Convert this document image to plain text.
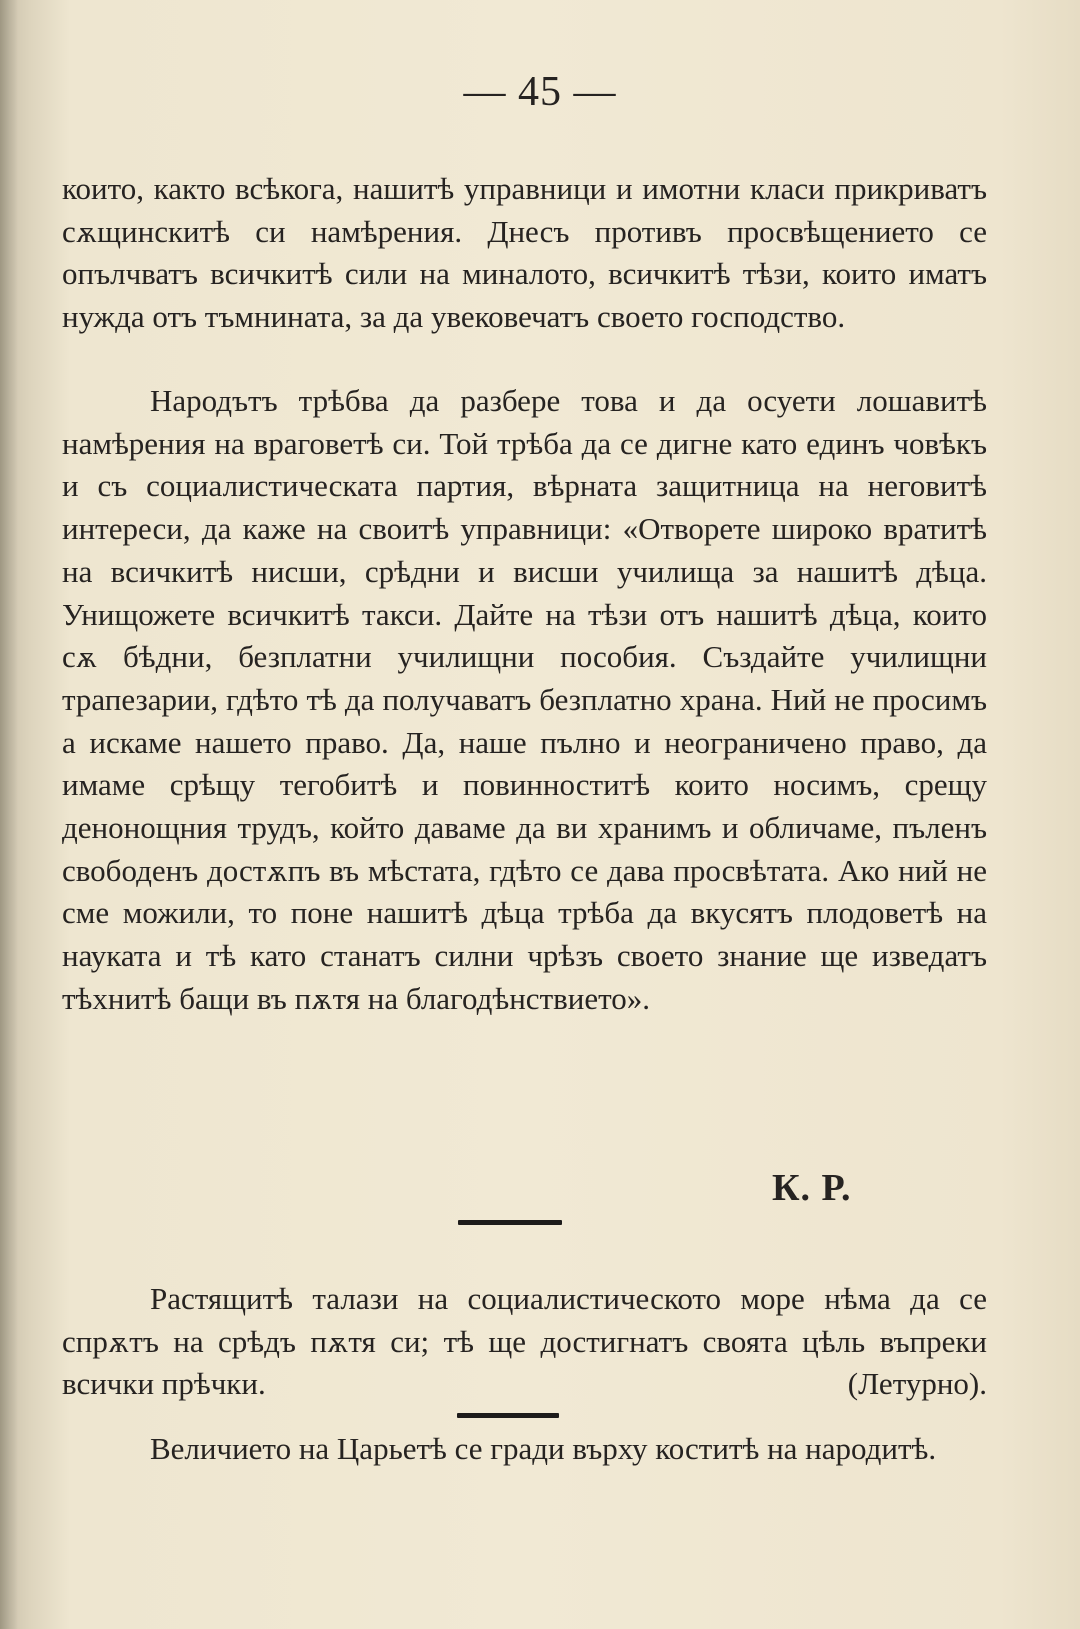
— 45 —
които, както всѣкога, нашитѣ управници и имотни класи прикриватъ сѫщинскитѣ си намѣрения. Днесъ противъ просвѣщението се опълчватъ всичкитѣ сили на миналото, всичкитѣ тѣзи, които иматъ нужда отъ тъмнината, за да увековечатъ своето господство.
Народътъ трѣбва да разбере това и да осуети лошавитѣ намѣрения на враговетѣ си. Той трѣба да се дигне като единъ човѣкъ и съ социалистическата партия, вѣрната защитница на неговитѣ интереси, да каже на своитѣ управници: «Отворете широко вратитѣ на всичкитѣ нисши, срѣдни и висши училища за нашитѣ дѣца. Унищожете всичкитѣ такси. Дайте на тѣзи отъ нашитѣ дѣца, които сѫ бѣдни, безплатни училищни пособия. Създайте училищни трапезарии, гдѣто тѣ да получаватъ безплатно храна. Ний не просимъ а искаме нашето право. Да, наше пълно и неограничено право, да имаме срѣщу тегобитѣ и повинноститѣ които носимъ, срещу денонощния трудъ, който даваме да ви хранимъ и обличаме, пъленъ свободенъ достѫпъ въ мѣстата, гдѣто се дава просвѣтата. Ако ний не сме можили, то поне нашитѣ дѣца трѣба да вкусятъ плодоветѣ на науката и тѣ като станатъ силни чрѣзъ своето знание ще изведатъ тѣхнитѣ бащи въ пѫтя на благодѣнствието».
К. Р.
Растящитѣ талази на социалистическото море нѣма да се спрѫтъ на срѣдъ пѫтя си; тѣ ще достигнатъ своята цѣль въпреки всички прѣчки.	(Летурно).
Величието на Царьетѣ се гради върху коститѣ на народитѣ.
